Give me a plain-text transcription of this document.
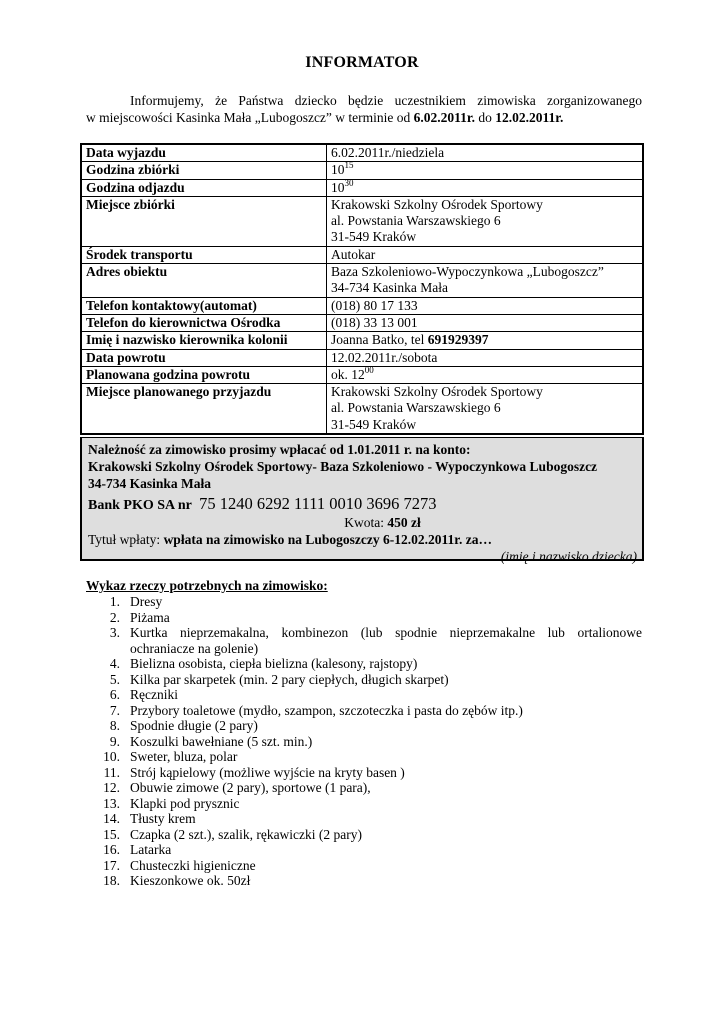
INFORMATOR
Informujemy, że Państwa dziecko będzie uczestnikiem zimowiska zorganizowanego
w miejscowości Kasinka Mała „Lubogoszcz” w terminie od 6.02.2011r. do 12.02.2011r.
Data wyjazdu	6.02.2011r./niedziela
Godzina zbiórki	$10^{15}$
Godzina odjazdu	$10^{30}$
Miejsce zbiórki	Krakowski Szkolny Ośrodek Sportowy
al. Powstania Warszawskiego 6
31-549 Kraków

Środek transportu	Autokar
Adres obiektu	Baza Szkoleniowo-Wypoczynkowa „Lubogoszcz”
34-734 Kasinka Mała

Telefon kontaktowy(automat)	(018) 80 17 133
Telefon do kierownictwa Ośrodka	(018) 33 13 001
Imię i nazwisko kierownika kolonii	Joanna Batko, tel 691929397
Data powrotu	12.02.2011r./sobota
Planowana godzina powrotu	ok. $12^{00}$
Miejsce planowanego przyjazdu	Krakowski Szkolny Ośrodek Sportowy
al. Powstania Warszawskiego 6
31-549 Kraków
Należność za zimowisko prosimy wpłacać od 1.01.2011 r. na konto:
Krakowski Szkolny Ośrodek Sportowy- Baza Szkoleniowo - Wypoczynkowa Lubogoszcz
34-734 Kasinka Mała
Bank PKO SA nr 75 1240 6292 1111 0010 3696 7273
Kwota: 450 zł
Tytuł wpłaty: wpłata na zimowisko na Lubogoszczy 6-12.02.2011r. za…
(imię i nazwisko dziecka)
Wykaz rzeczy potrzebnych na zimowisko:
1. Dresy
2. Piżama
3. Kurtka nieprzemakalna, kombinezon (lub spodnie nieprzemakalne lub ortalionowe ochraniacze na golenie)
4. Bielizna osobista, ciepła bielizna (kalesony, rajstopy)
5. Kilka par skarpetek (min. 2 pary ciepłych, długich skarpet)
6. Ręczniki
7. Przybory toaletowe (mydło, szampon, szczoteczka i pasta do zębów itp.)
8. Spodnie długie (2 pary)
9. Koszulki bawełniane (5 szt. min.)
10. Sweter, bluza, polar
11. Strój kąpielowy (możliwe wyjście na kryty basen )
12. Obuwie zimowe (2 pary), sportowe (1 para),
13. Klapki pod prysznic
14. Tłusty krem
15. Czapka (2 szt.), szalik, rękawiczki (2 pary)
16. Latarka
17. Chusteczki higieniczne
18. Kieszonkowe ok. 50zł
